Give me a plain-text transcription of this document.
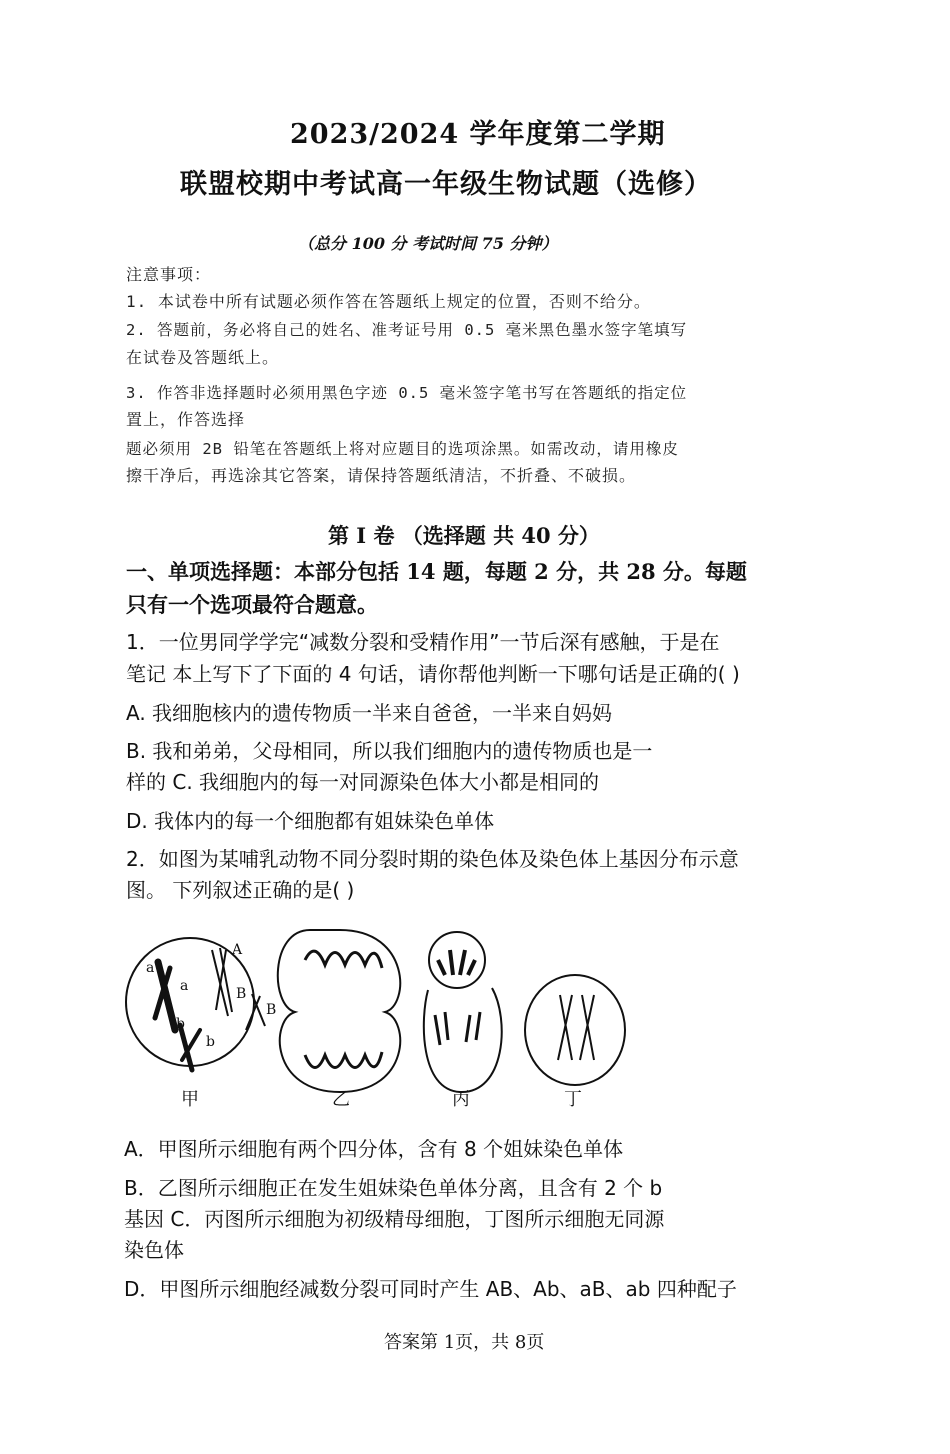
2023/2024 学年度第二学期
联盟校期中考试高一年级生物试题（选修）
（总分 100 分 考试时间 75 分钟）
注意事项：
1. 本试卷中所有试题必须作答在答题纸上规定的位置，否则不给分。
2. 答题前，务必将自己的姓名、准考证号用 0.5 毫米黑色墨水签字笔填写
在试卷及答题纸上。
3. 作答非选择题时必须用黑色字迹 0.5 毫米签字笔书写在答题纸的指定位
置上，作答选择
题必须用 2B 铅笔在答题纸上将对应题目的选项涂黑。如需改动，请用橡皮
擦干净后，再选涂其它答案，请保持答题纸清洁，不折叠、不破损。
第 I 卷 （选择题 共 40 分）
一、单项选择题：本部分包括 14 题，每题 2 分，共 28 分。每题
只有一个选项最符合题意。
1．一位男同学学完“减数分裂和受精作用”一节后深有感触，于是在
笔记 本上写下了下面的 4 句话，请你帮他判断一下哪句话是正确的( )
A. 我细胞核内的遗传物质一半来自爸爸，一半来自妈妈
B. 我和弟弟，父母相同，所以我们细胞内的遗传物质也是一
样的 C. 我细胞内的每一对同源染色体大小都是相同的
D. 我体内的每一个细胞都有姐妹染色单体
2．如图为某哺乳动物不同分裂时期的染色体及染色体上基因分布示意
图。 下列叙述正确的是( )
a
a
A
B
B
b
b
甲	乙	丙	丁
A．甲图所示细胞有两个四分体，含有 8 个姐妹染色单体
B．乙图所示细胞正在发生姐妹染色单体分离，且含有 2 个 b
基因 C．丙图所示细胞为初级精母细胞，丁图所示细胞无同源
染色体
D．甲图所示细胞经减数分裂可同时产生 AB、Ab、aB、ab 四种配子
答案第 1页，共 8页
